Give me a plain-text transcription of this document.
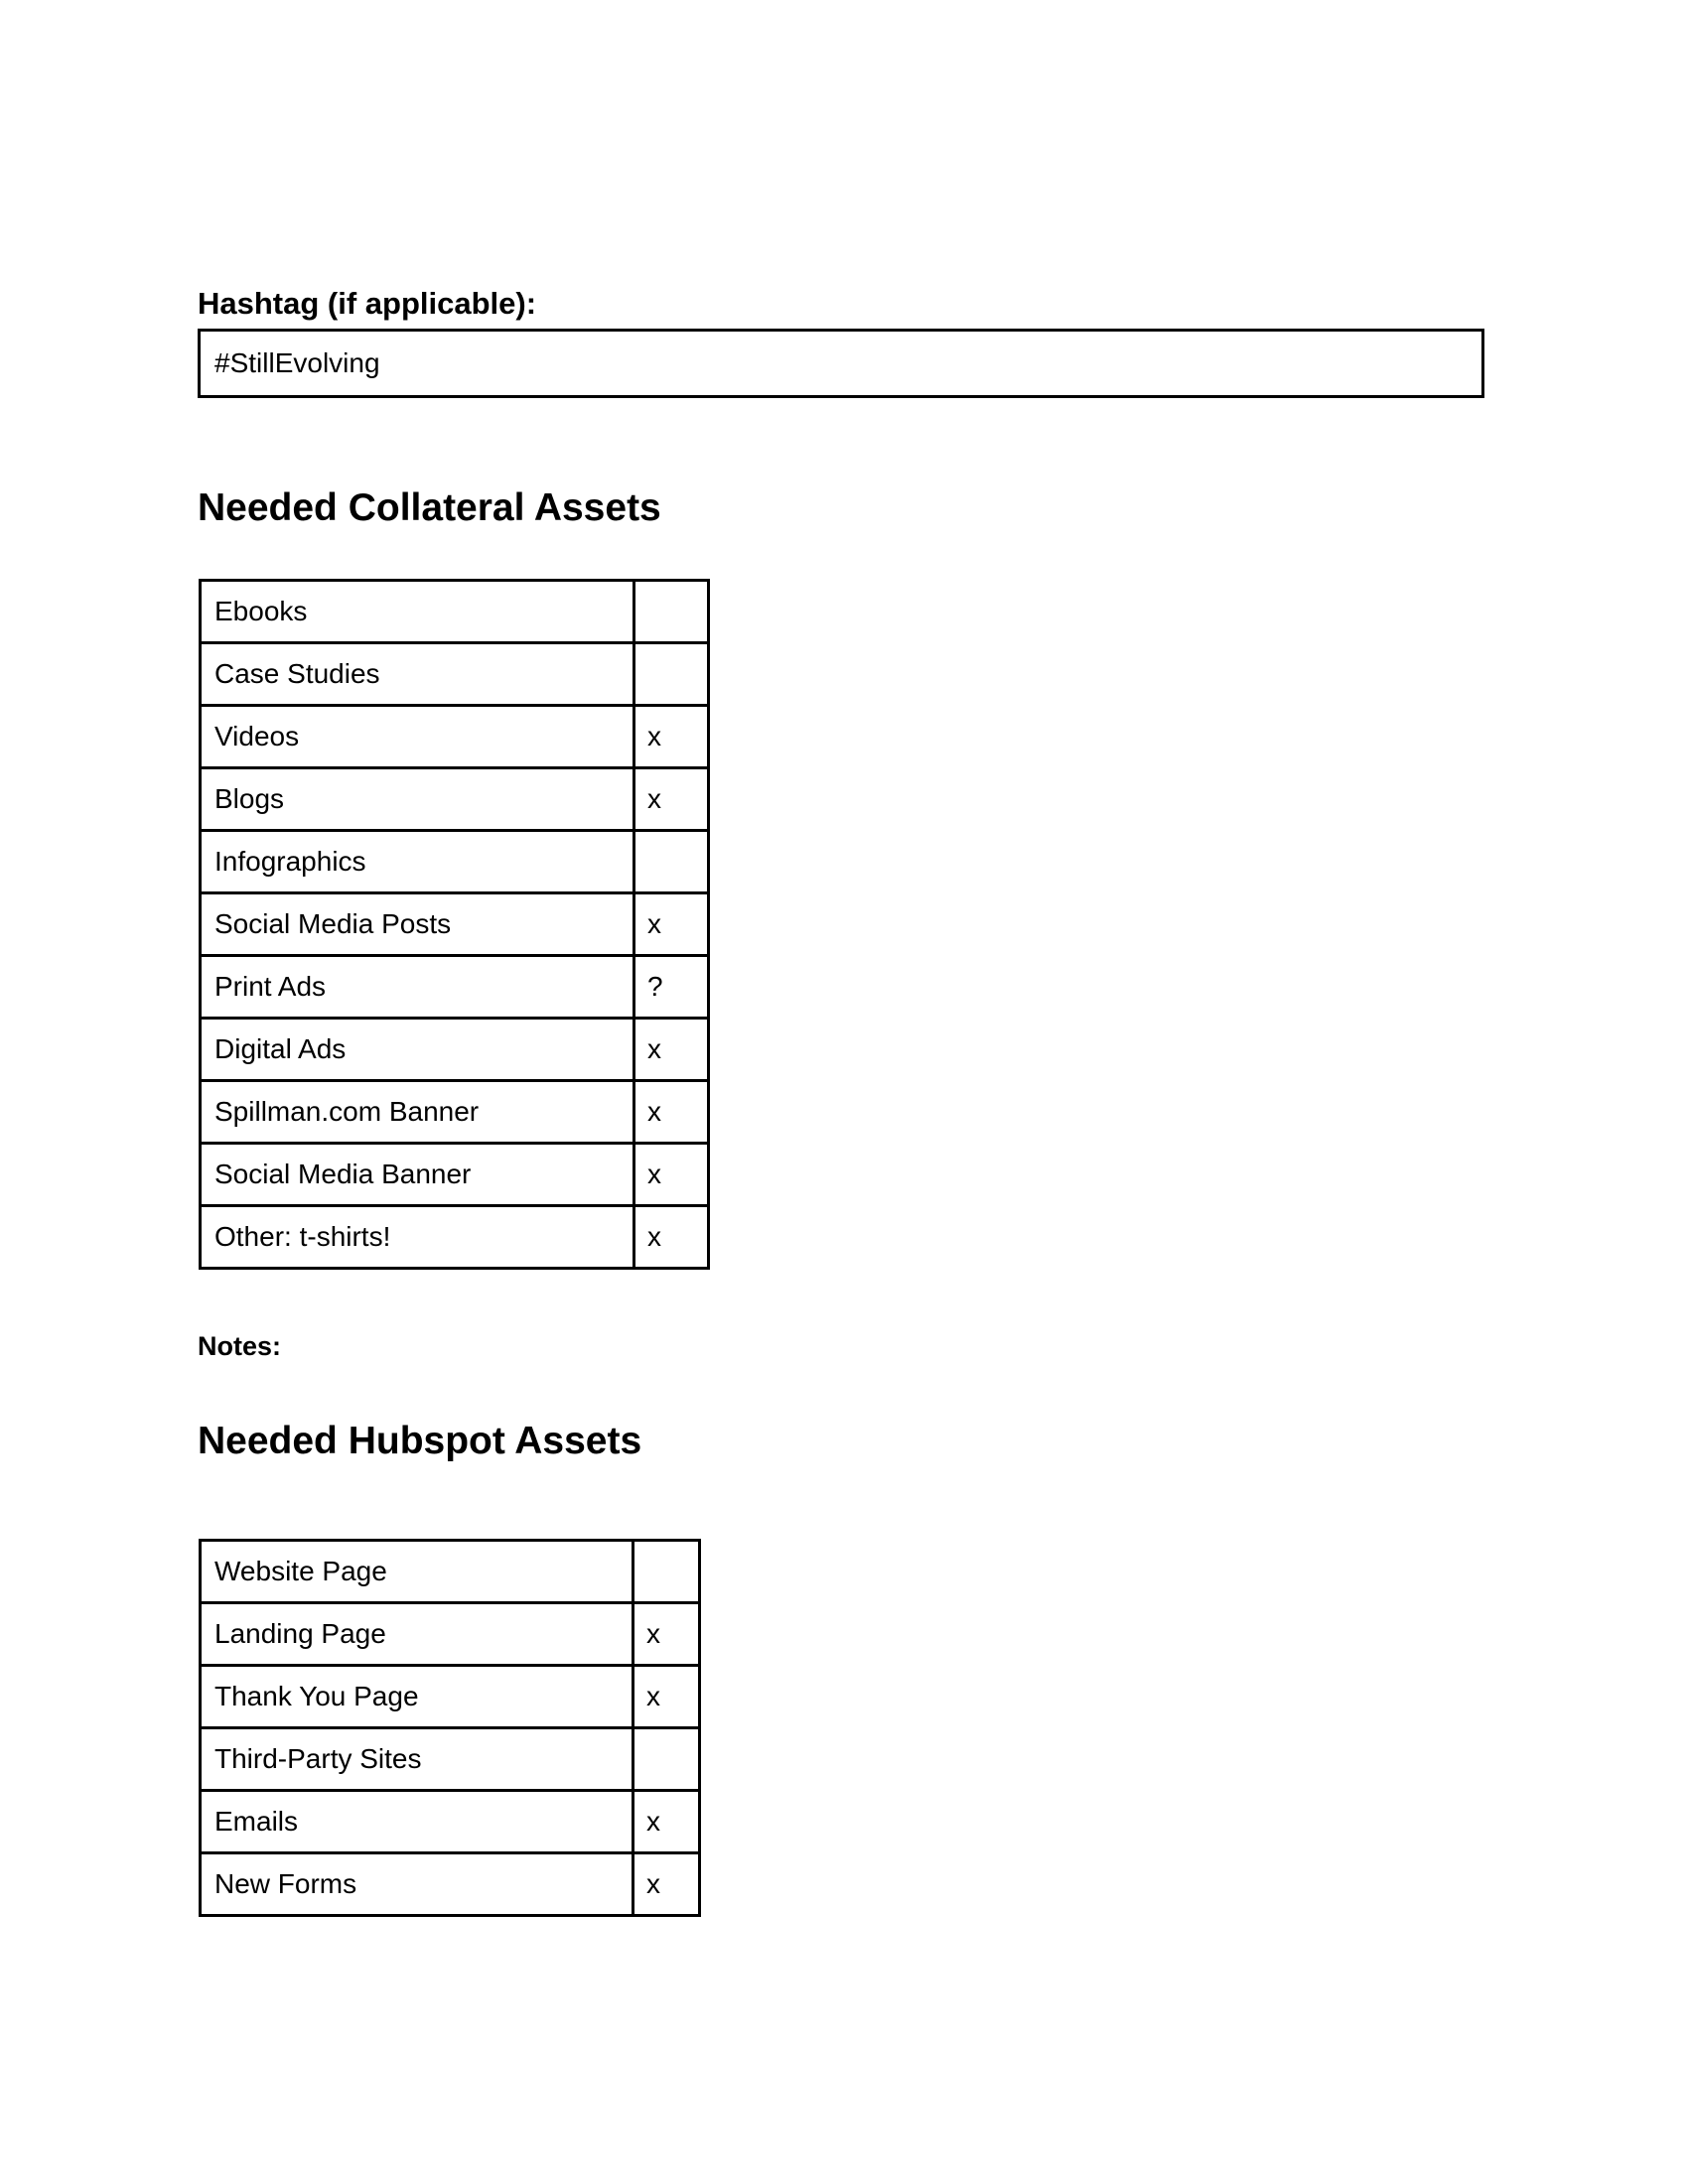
Hashtag (if applicable):
#StillEvolving
Needed Collateral Assets
Ebooks	
Case Studies	
Videos	x
Blogs	x
Infographics	
Social Media Posts	x
Print Ads	?
Digital Ads	x
Spillman.com Banner	x
Social Media Banner	x
Other: t-shirts!	x
Notes:
Needed Hubspot Assets
Website Page	
Landing Page	x
Thank You Page	x
Third-Party Sites	
Emails	x
New Forms	x
